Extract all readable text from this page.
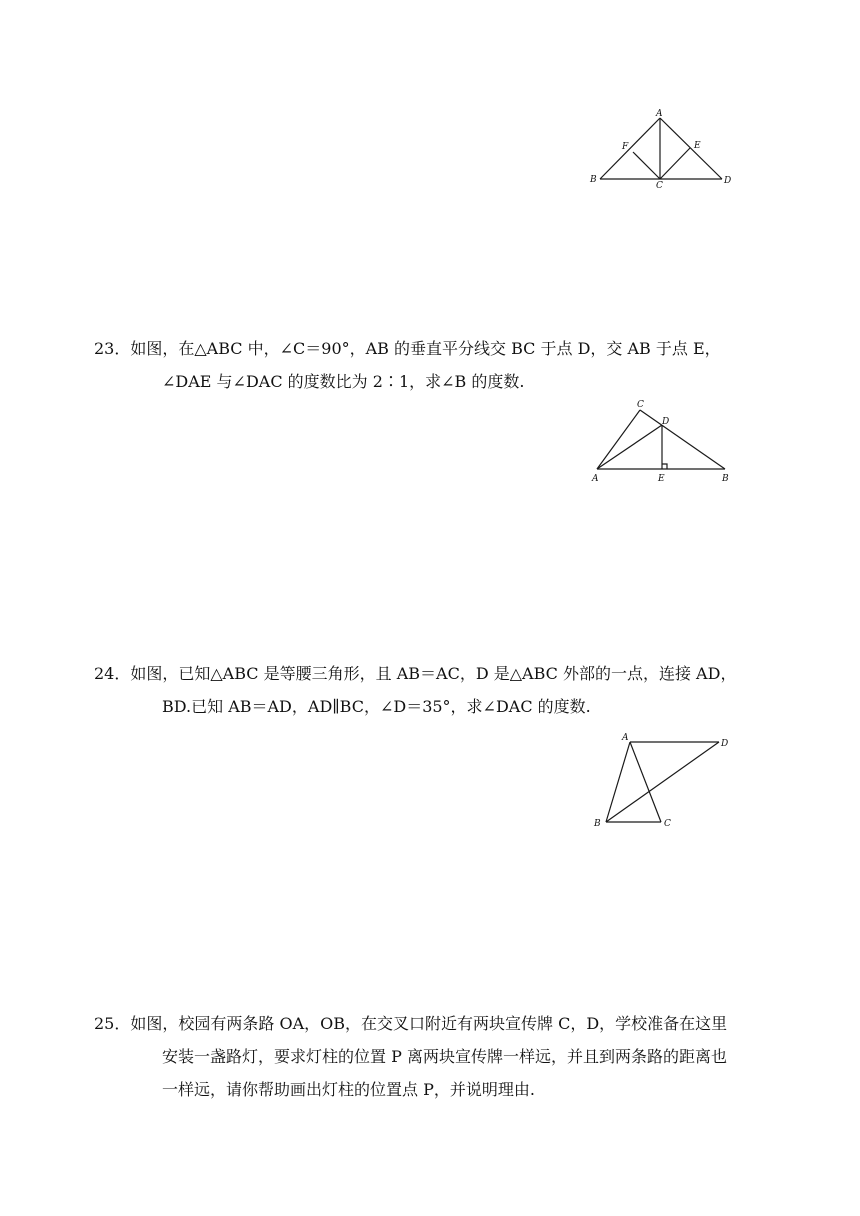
A
B
C	D
E
F

23．如图，在△ABC 中，∠C＝90°，AB 的垂直平分线交 BC 于点 D，交 AB 于点 E，∠DAE 与∠DAC 的度数比为 2∶1，求∠B 的度数.

C
D
A	E	B

24．如图，已知△ABC 是等腰三角形，且 AB＝AC，D 是△ABC 外部的一点，连接 AD，BD.已知 AB＝AD，AD∥BC，∠D＝35°，求∠DAC 的度数.

A
D
B	C

25．如图，校园有两条路 OA，OB，在交叉口附近有两块宣传牌 C，D，学校准备在这里安装一盏路灯，要求灯柱的位置 P 离两块宣传牌一样远，并且到两条路的距离也一样远，请你帮助画出灯柱的位置点 P，并说明理由.
